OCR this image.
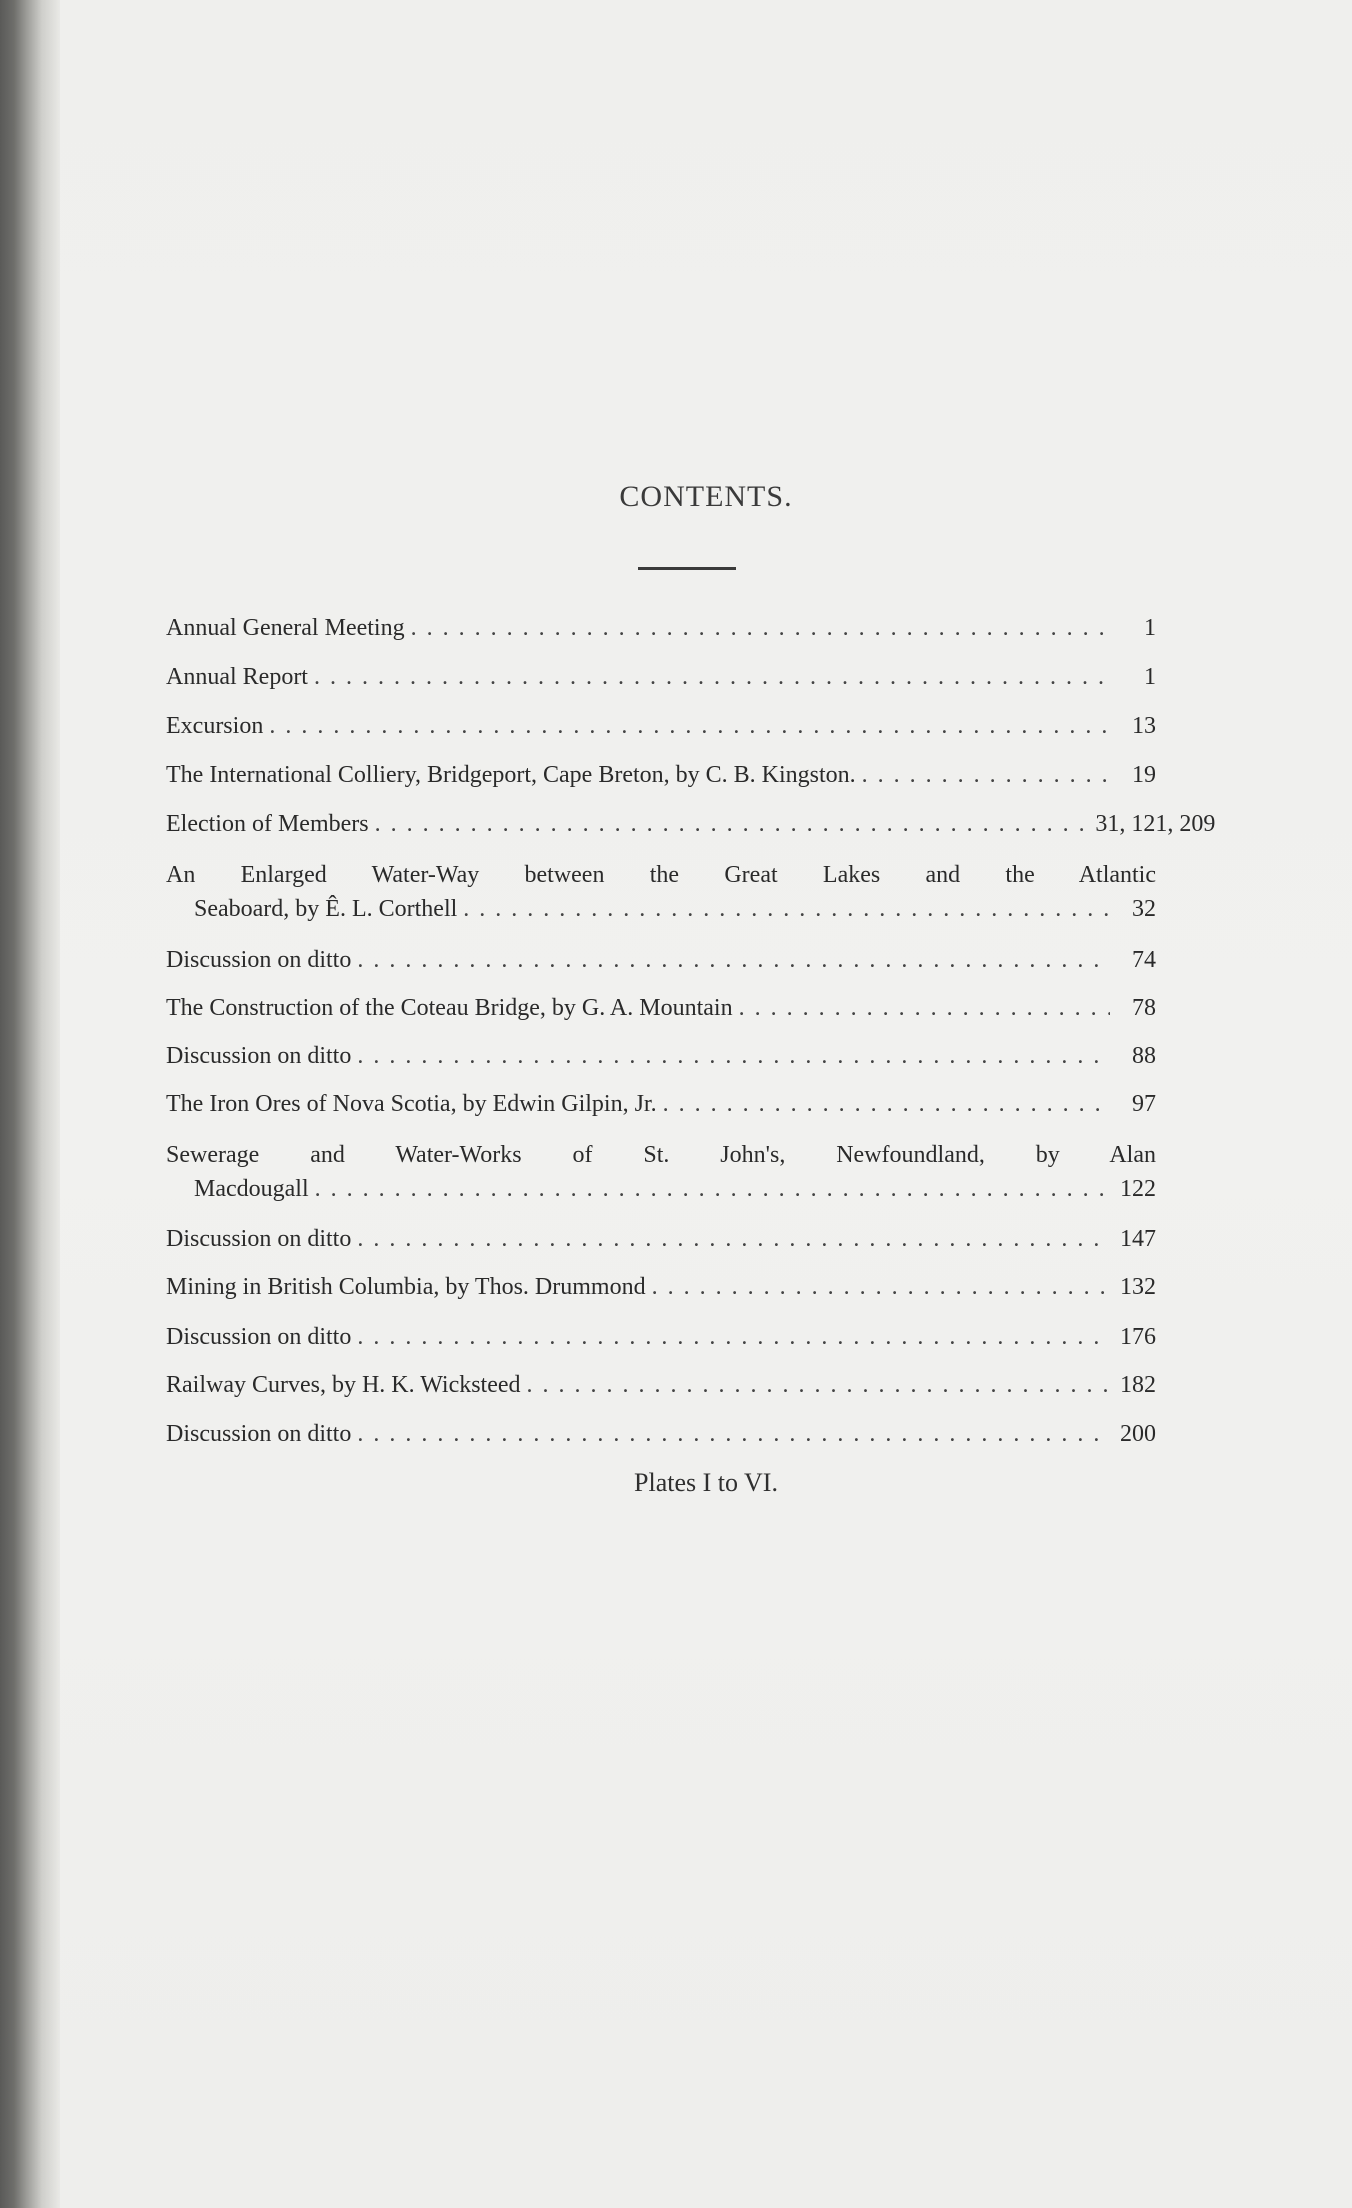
CONTENTS.
Annual General Meeting . . .	1
Annual Report . . .	1
Excursion . . .	13
The International Colliery, Bridgeport, Cape Breton, by C. B. Kingston. . . .	19
Election of Members . . .	31, 121, 209
An Enlarged Water-Way between the Great Lakes and the Atlantic
Seaboard, by Ê. L. Corthell . . .	32
Discussion on ditto . . .	74
The Construction of the Coteau Bridge, by G. A. Mountain . . .	78
Discussion on ditto . . .	88
The Iron Ores of Nova Scotia, by Edwin Gilpin, Jr. . . .	97
Sewerage and Water-Works of St. John's, Newfoundland, by Alan
Macdougall . . .	122
Discussion on ditto . . .	147
Mining in British Columbia, by Thos. Drummond . . .	132
Discussion on ditto . . .	176
Railway Curves, by H. K. Wicksteed . . .	182
Discussion on ditto . . .	200
Plates I to VI.
